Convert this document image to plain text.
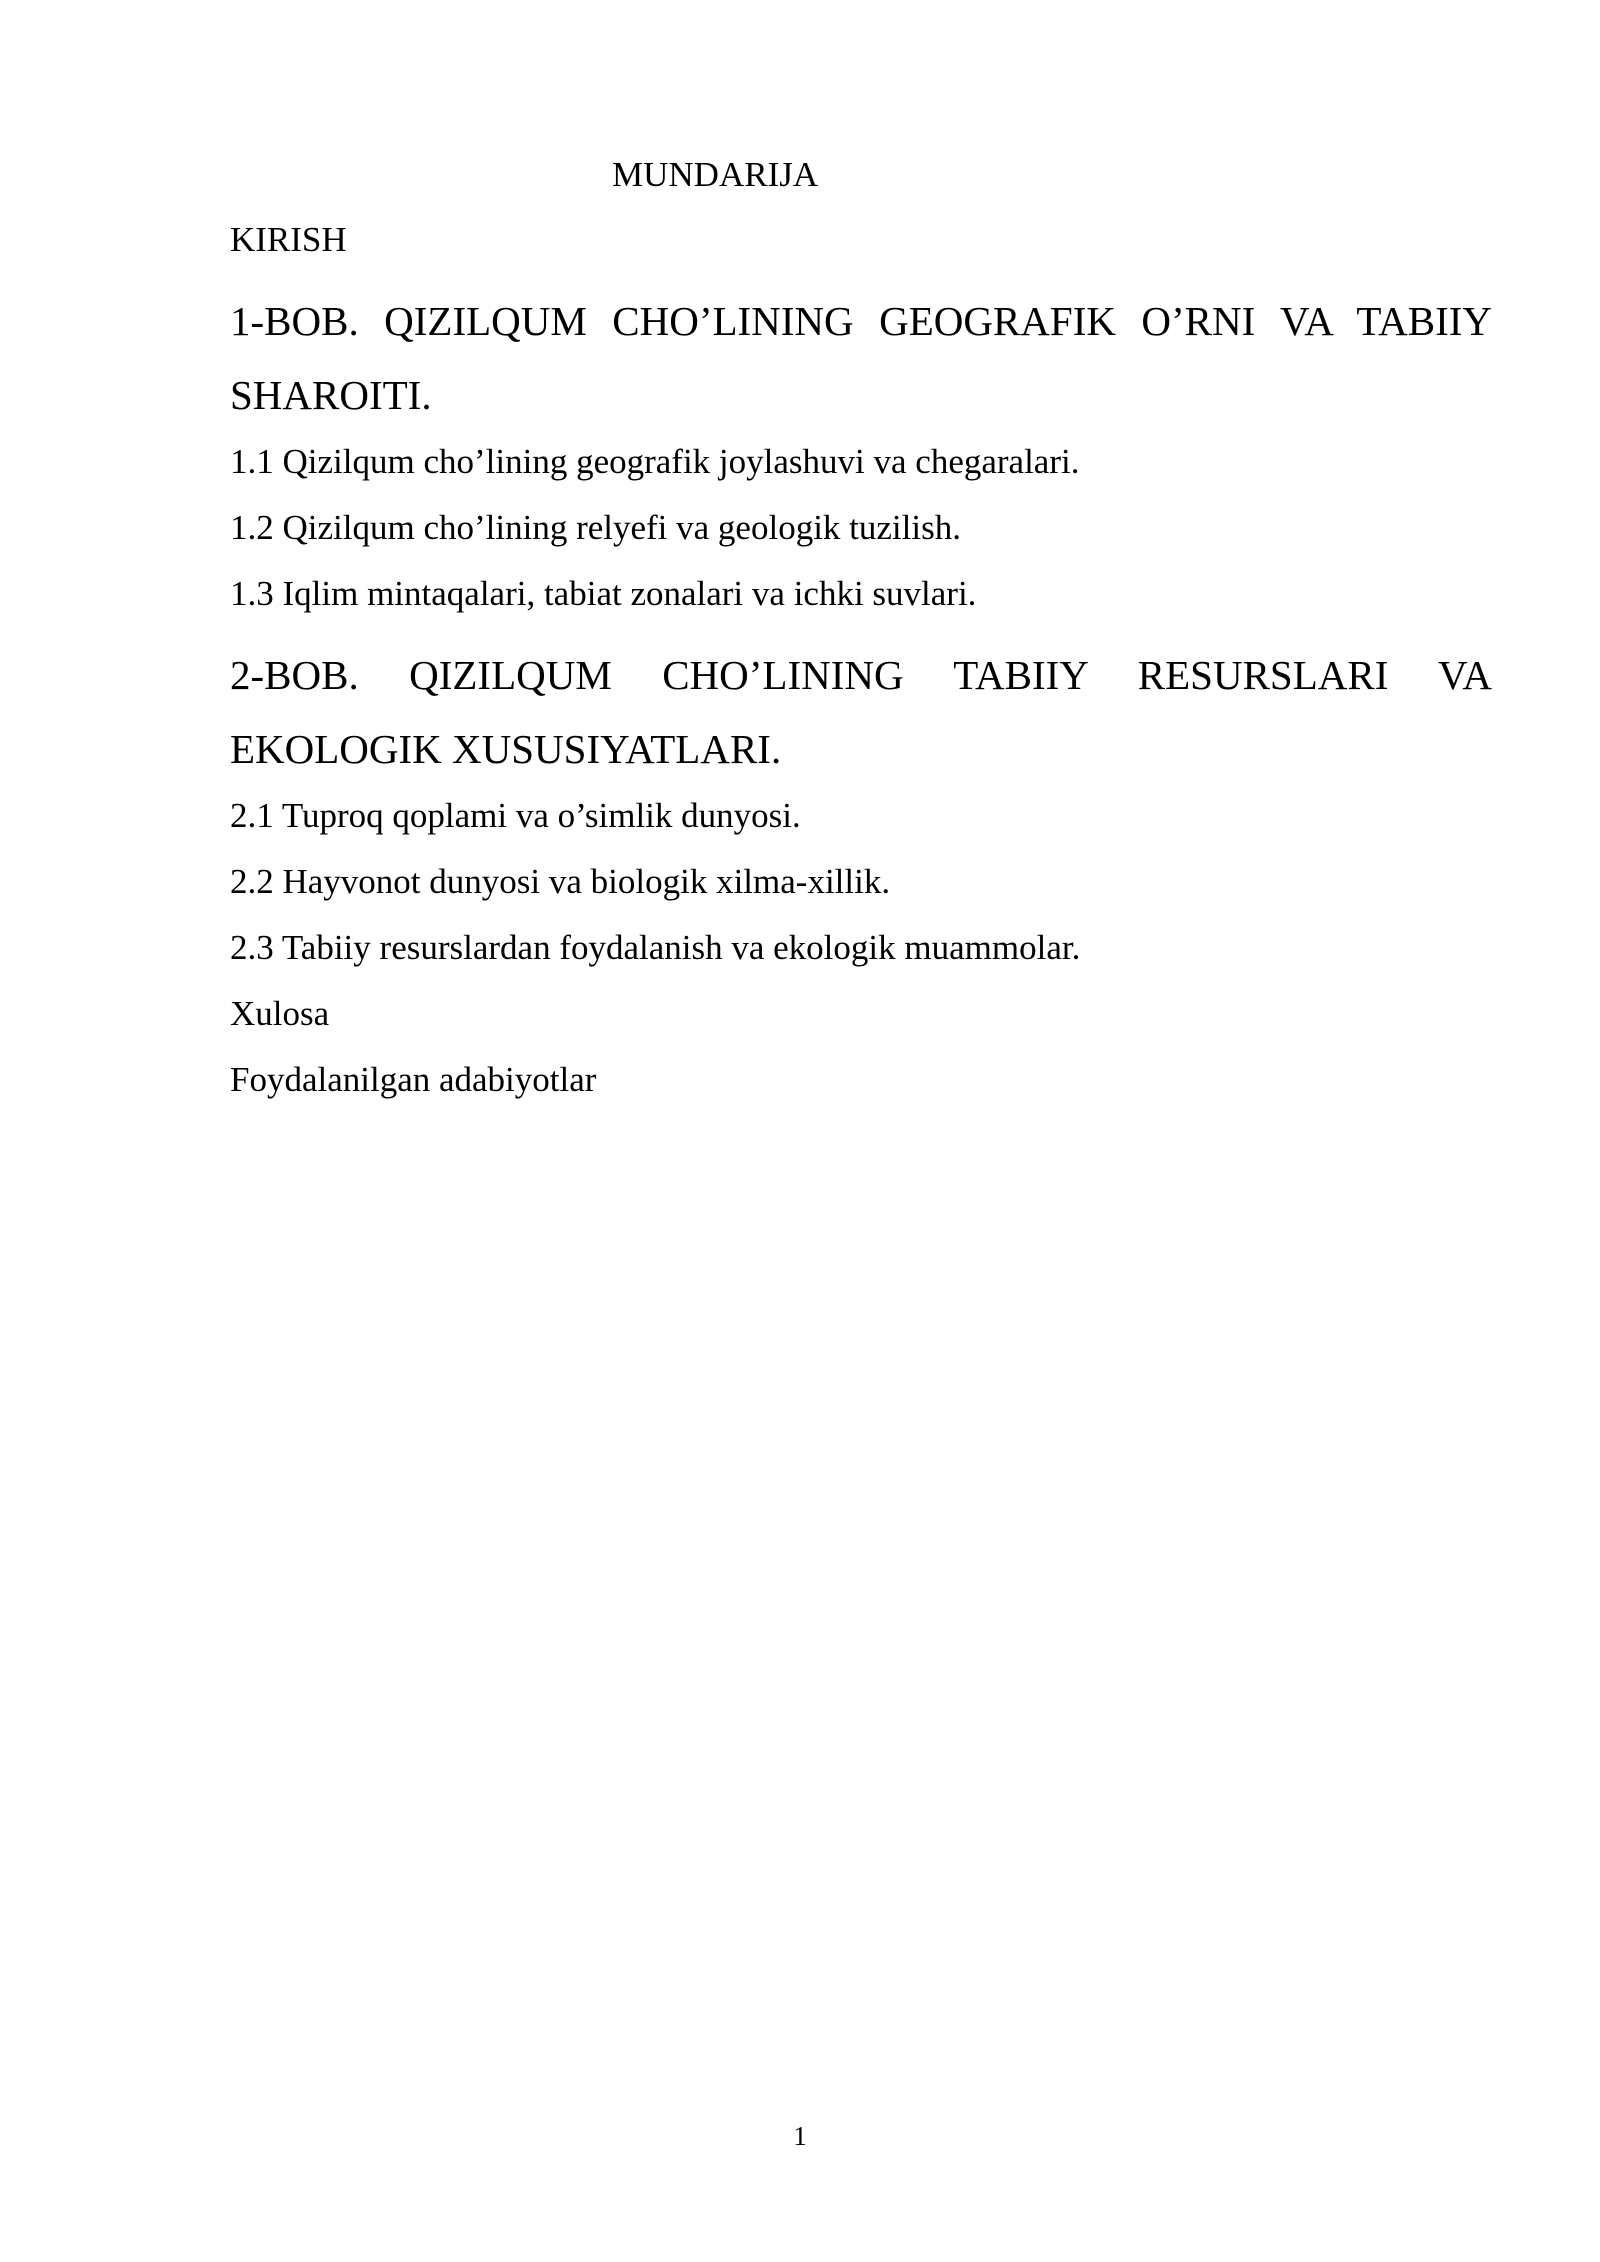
MUNDARIJA
KIRISH
1-BOB. QIZILQUM CHO’LINING GEOGRAFIK O’RNI VA TABIIY
SHAROITI.
1.1 Qizilqum cho’lining geografik joylashuvi va chegaralari.
1.2 Qizilqum cho’lining relyefi va geologik tuzilish.
1.3 Iqlim mintaqalari, tabiat zonalari va ichki suvlari.
2-BOB. QIZILQUM CHO’LINING TABIIY RESURSLARI VA
EKOLOGIK XUSUSIYATLARI.
2.1 Tuproq qoplami va o’simlik dunyosi.
2.2 Hayvonot dunyosi va biologik xilma-xillik.
2.3 Tabiiy resurslardan foydalanish va ekologik muammolar.
Xulosa
Foydalanilgan adabiyotlar
1
